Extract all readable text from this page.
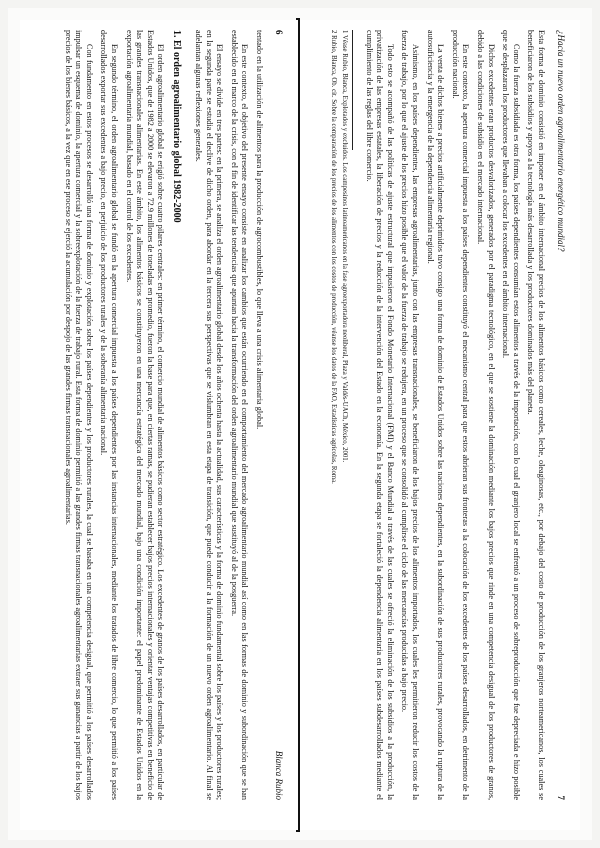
6
Blanca Rubio

tentado en la utilización de alimentos para la producción de agrocombustibles, lo que lleva a una crisis alimentaria global.

En este contexto, el objetivo del presente ensayo consiste en analizar los cambios que están ocurriendo en el comportamiento del mercado agroalimentario mundial así como en las formas de dominio y subordinación que se han establecido en el marco de la crisis, con el fin de identificar las tendencias que apuntan hacia la transformación del orden agroalimentario mundial que sustituyó al de la posguerra.

El ensayo se divide en tres partes: en la primera, se analiza el orden agroalimentario global desde los años ochenta hasta la actualidad, sus características y la forma de dominio fundamental sobre los países y los productores rurales; en la segunda parte se estudia el declive de dicho orden, para abordar en la tercera sus perspectivas que se vislumbran en esta etapa de transición, que puede conducir a la formación de un nuevo orden agroalimentario. Al final se adelantan algunas reflexiones generales.

1. El orden agroalimentario global 1982-2000

El orden agroalimentario global se erigió sobre cuatro pilares centrales: en primer término, el comercio mundial de alimentos básicos como sector estratégico. Los excedentes de granos de los países desarrollados, en particular de Estados Unidos, que de 1982 a 2000 se elevaron a 72.9 millones de toneladas en promedio, fueron la base para que, en ciertas ramas, se pudieran establecer bajos precios internacionales y orientar ventajas competitivas en beneficio de las grandes transnacionales alimentarias. En este ámbito, los alimentos básicos se constituyeron en una mercancía estratégica del mercado mundial, bajo una condición importante: el papel predominante de Estados Unidos en la exportación agroalimentaria mundial, basado en el control de los excedentes.

En segundo término, el orden agroalimentario global se fundó en la apertura comercial impuesta a los países dependientes por las instancias internacionales, mediante los tratados de libre comercio, lo que permitió a los países desarrollados exportar sus excedentes a bajo precio, en perjuicio de los productores rurales y de la soberanía alimentaria nacional.

Con fundamento en estos procesos se desarrolló una forma de dominio y explotación sobre los países dependientes y los productores rurales, la cual se basaba en una competencia desigual, que permitió a los países desarrollados impulsar un esquema de dominio, la apertura comercial y la sobreexplotación de la fuerza de trabajo rural. Esta forma de dominio permitió a las grandes firmas transnacionales agroalimentarias extraer sus ganancias a partir de los bajos precios de los bienes básicos, a la vez que en ese proceso se ejerció la acumulación por despojo de las grandes firmas transnacionales agroalimentarias.	¿Hacia un nuevo orden agroalimentario energético mundial?
7

Esta forma de dominio consistió en imponer en el ámbito internacional precios de los alimentos básicos como cereales, leche, oleaginosas, etc., por debajo del costo de producción de los granjeros norteamericanos, los cuales se beneficiaron de los subsidios y apoyos a la tecnología más desarrollada y los productores dominados más del planeta.

Como la fuerza subsidiada es otra forma, los países dependientes consumían estos alimentos a través de la importación, con lo cual el granjero local se enfrentó a un proceso de sobreproducción que fue depreciada e hizo posible que se desplazaran los productores que llevaban a colocar los excedentes en el ámbito internacional.

Dichos excedentes eran productos desvalorizados, generados por el paradigma tecnológico, en el que se sostiene la dominación mediante los bajos precios que rinde en una competencia desigual de los productores de granos, debido a las condiciones de subsidio en el mercado internacional.

En este contexto, la apertura comercial impuesta a los países dependientes constituyó el mecanismo central para que estos abrieran sus fronteras a la colocación de los excedentes de los países desarrollados, en detrimento de la producción nacional.

La venta de dichos bienes a precios artificialmente deprimidos tuvo consigo una forma de dominio de Estados Unidos sobre las naciones dependientes, en la subordinación de sus productores rurales, provocando la ruptura de la autosuficiencia y la emergencia de la dependencia alimentaria regional.

Asimismo, en los países dependientes, las empresas agroalimentarias, junto con las empresas transnacionales, se beneficiaron de los bajos precios de los alimentos importados, los cuales les permitieron reducir los costos de la fuerza de trabajo, por lo que el ajuste de los precios hizo posible que el valor de la fuerza de trabajo se redujera, en un proceso que se consolidó al cumplirse el ciclo de las mercancías producidas a bajo precio.

Todo esto se acompañó de las políticas de ajuste estructural que impusieron el Fondo Monetario Internacional (FMI) y el Banco Mundial a través de las cuales se ofreció la eliminación de los subsidios a la producción, la privatización de las empresas estatales, la liberación de precios y la reducción de la intervención del Estado en la economía. En la segunda etapa se fortaleció la dependencia alimentaria en los países subdesarrollados mediante el cumplimiento de las reglas del libre comercio.

1 Véase Rubio, Blanca, Explotados y excluidos. Los campesinos latinoamericanos en la fase agroexportadora neoliberal, Plaza y Valdés-UACh, México, 2001.
2 Rubio, Blanca, Ob. cit. Sobre la comparación de los precios de los alimentos con los costos de producción, véanse los datos de la FAO, Estadísticas agrícolas, Roma.
